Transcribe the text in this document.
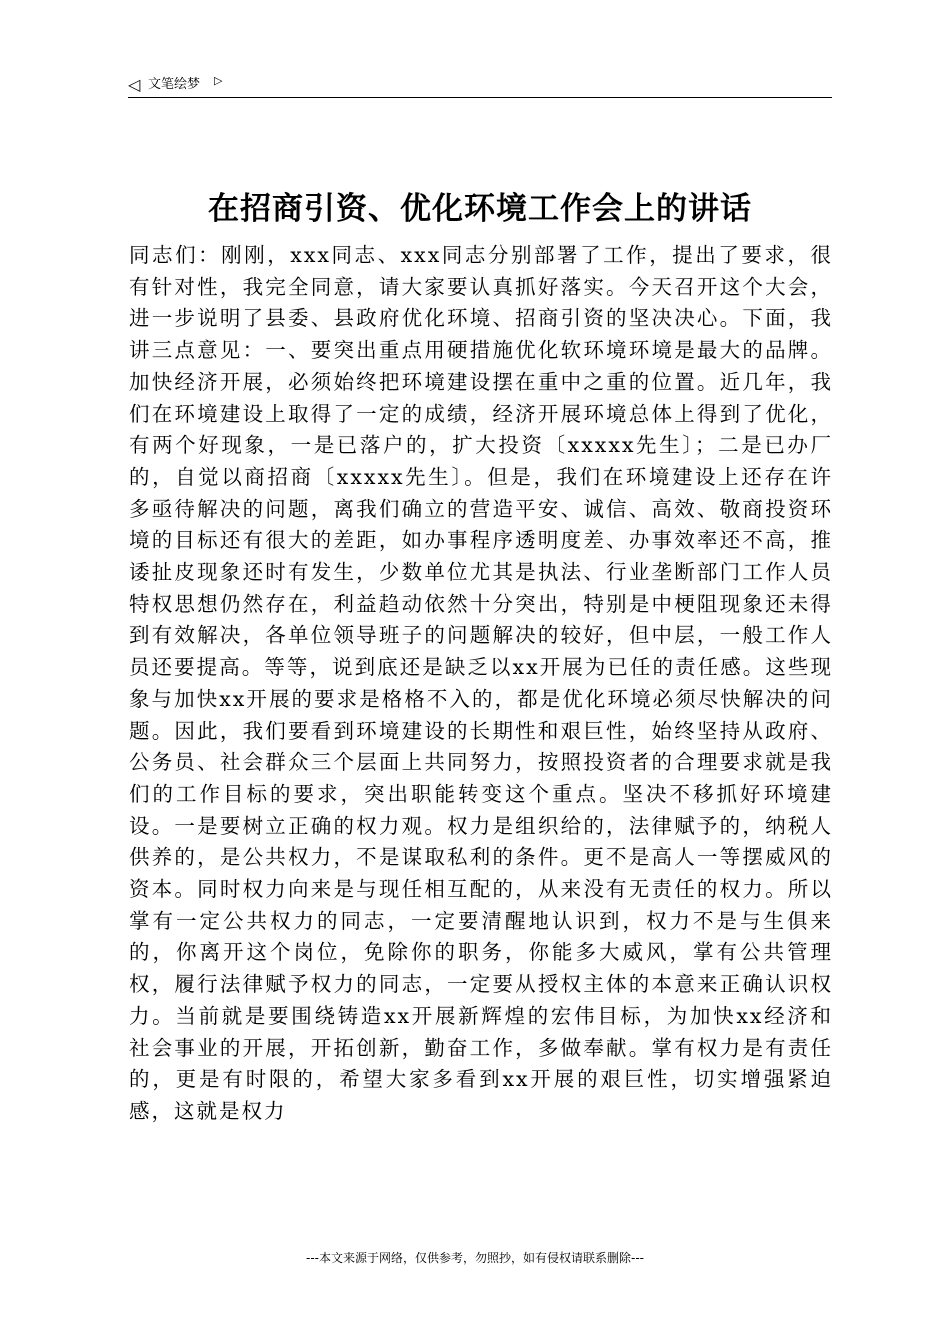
◁ 文笔绘梦 ▷
在招商引资、优化环境工作会上的讲话

同志们：刚刚，xxx同志、xxx同志分别部署了工作，提出了要求，很有针对性，我完全同意，请大家要认真抓好落实。今天召开这个大会，进一步说明了县委、县政府优化环境、招商引资的坚决决心。下面，我讲三点意见：一、要突出重点用硬措施优化软环境环境是最大的品牌。加快经济开展，必须始终把环境建设摆在重中之重的位置。近几年，我们在环境建设上取得了一定的成绩，经济开展环境总体上得到了优化，有两个好现象，一是已落户的，扩大投资〔xxxxx先生〕；二是已办厂的，自觉以商招商〔xxxxx先生〕。但是，我们在环境建设上还存在许多亟待解决的问题，离我们确立的营造平安、诚信、高效、敬商投资环境的目标还有很大的差距，如办事程序透明度差、办事效率还不高，推诿扯皮现象还时有发生，少数单位尤其是执法、行业垄断部门工作人员特权思想仍然存在，利益趋动依然十分突出，特别是中梗阻现象还未得到有效解决，各单位领导班子的问题解决的较好，但中层，一般工作人员还要提高。等等，说到底还是缺乏以xx开展为已任的责任感。这些现象与加快xx开展的要求是格格不入的，都是优化环境必须尽快解决的问题。因此，我们要看到环境建设的长期性和艰巨性，始终坚持从政府、公务员、社会群众三个层面上共同努力，按照投资者的合理要求就是我们的工作目标的要求，突出职能转变这个重点。坚决不移抓好环境建设。一是要树立正确的权力观。权力是组织给的，法律赋予的，纳税人供养的，是公共权力，不是谋取私利的条件。更不是高人一等摆威风的资本。同时权力向来是与现任相互配的，从来没有无责任的权力。所以掌有一定公共权力的同志，一定要清醒地认识到，权力不是与生俱来的，你离开这个岗位，免除你的职务，你能多大威风，掌有公共管理权，履行法律赋予权力的同志，一定要从授权主体的本意来正确认识权力。当前就是要围绕铸造xx开展新辉煌的宏伟目标，为加快xx经济和社会事业的开展，开拓创新，勤奋工作，多做奉献。掌有权力是有责任的，更是有时限的，希望大家多看到xx开展的艰巨性，切实增强紧迫感，这就是权力

---本文来源于网络，仅供参考，勿照抄，如有侵权请联系删除---
